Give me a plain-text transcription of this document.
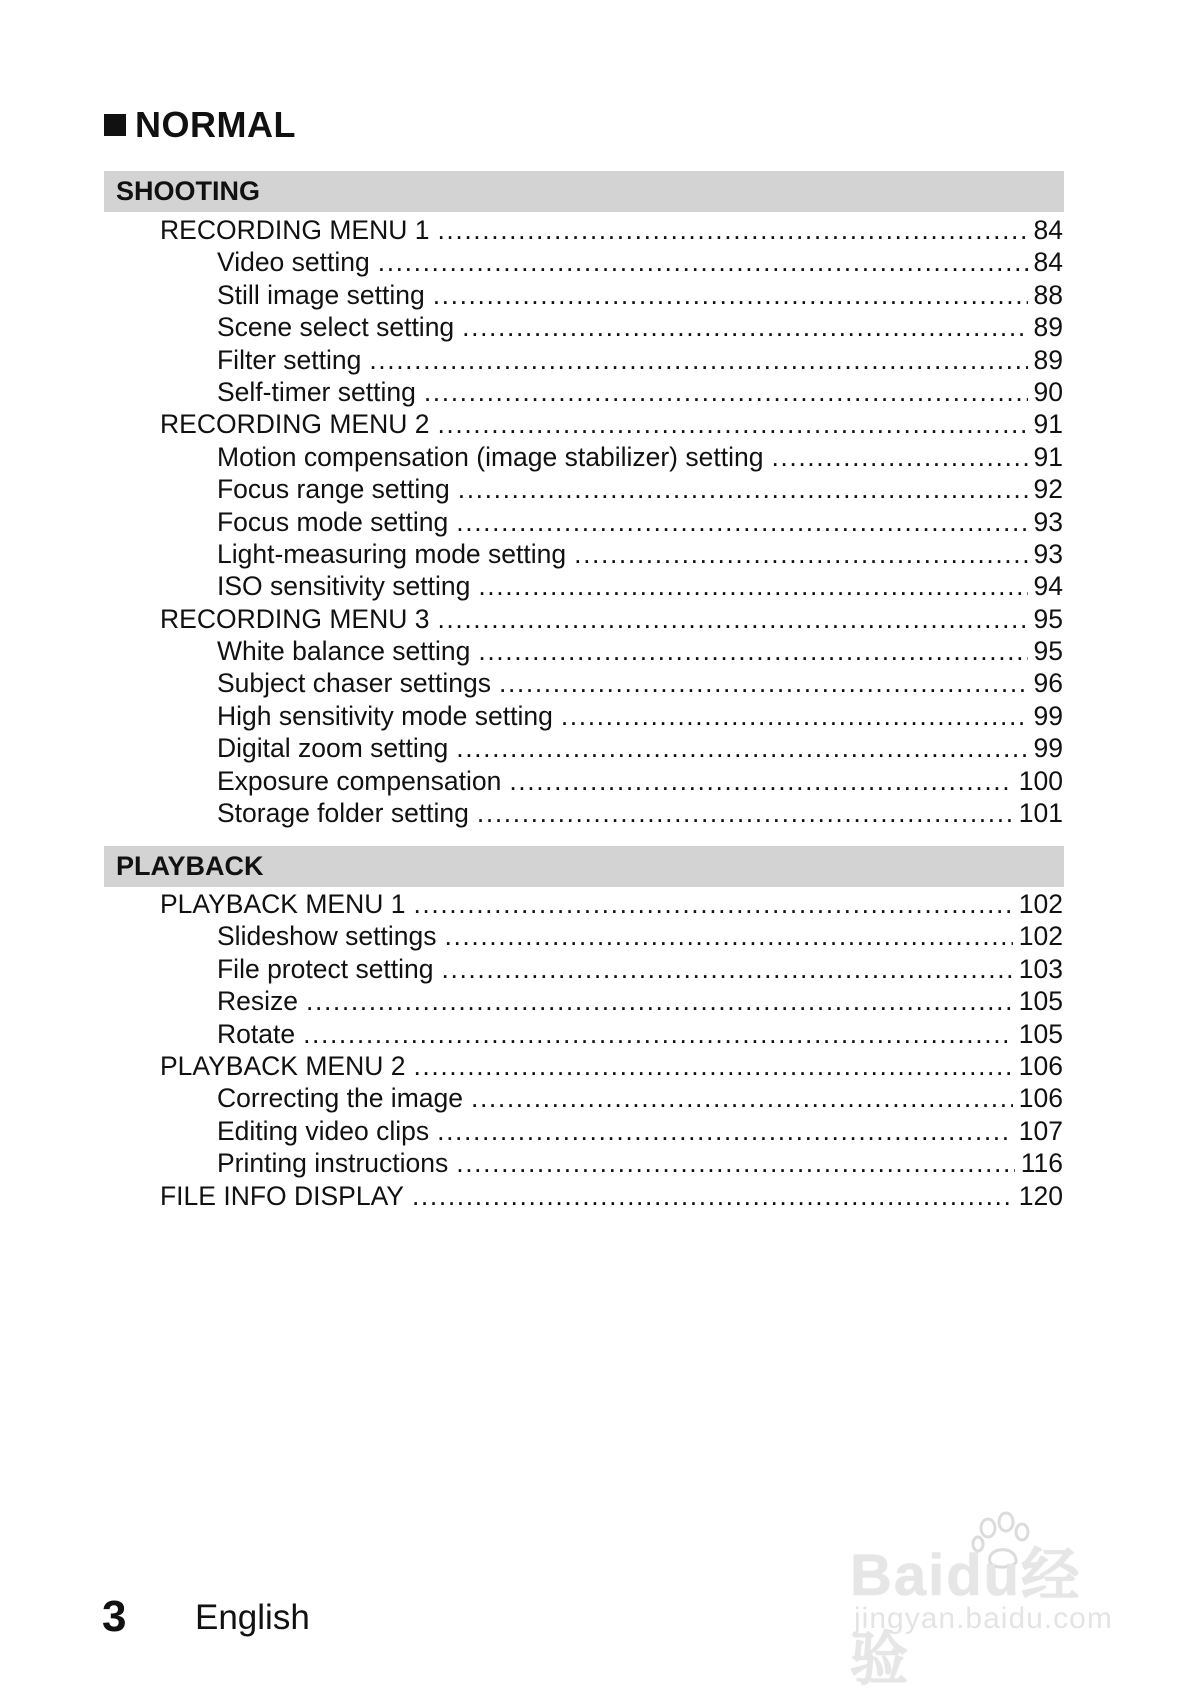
NORMAL
SHOOTING
RECORDING MENU 1 .....	84
Video setting .....	84
Still image setting .....	88
Scene select setting .....	89
Filter setting .....	89
Self-timer setting .....	90
RECORDING MENU 2 .....	91
Motion compensation (image stabilizer) setting .....	91
Focus range setting .....	92
Focus mode setting .....	93
Light-measuring mode setting .....	93
ISO sensitivity setting .....	94
RECORDING MENU 3 .....	95
White balance setting .....	95
Subject chaser settings .....	96
High sensitivity mode setting .....	99
Digital zoom setting .....	99
Exposure compensation .....	100
Storage folder setting .....	101
PLAYBACK
PLAYBACK MENU 1 .....	102
Slideshow settings .....	102
File protect setting .....	103
Resize .....	105
Rotate .....	105
PLAYBACK MENU 2 .....	106
Correcting the image .....	106
Editing video clips .....	107
Printing instructions .....	116
FILE INFO DISPLAY .....	120
3 English
Baidu经验
jingyan.baidu.com
